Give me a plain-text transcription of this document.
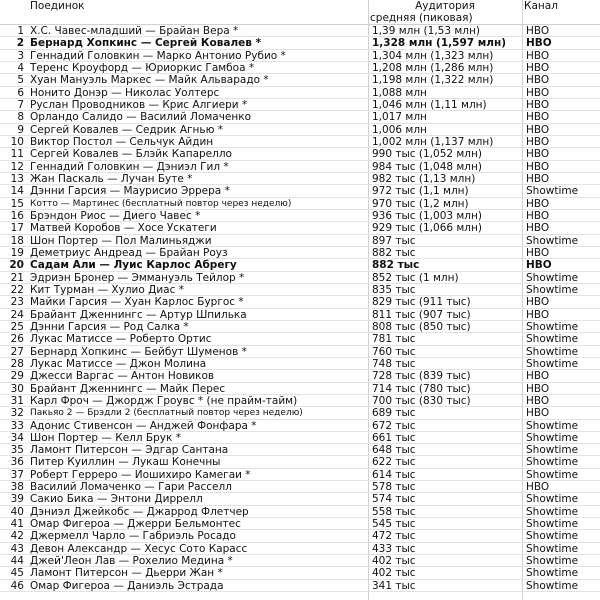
Поединок	Аудитория
средняя (пиковая)
Канал
1 Х.С. Чавес-младший — Брайан Вера *	1,39 млн (1,53 млн)	HBO
2 Бернард Хопкинс — Сергей Ковалев *	1,328 млн (1,597 млн)	HBO
3 Геннадий Головкин — Марко Антонио Рубио *	1,304 млн (1,323 млн)	HBO
4 Теренс Кроуфорд — Юриоркис Гамбоа *	1,208 млн (1,286 млн)	HBO
5 Хуан Мануэль Маркес — Майк Альварадо *	1,198 млн (1,322 млн)	HBO
6 Нонито Донэр — Николас Уолтерс	1,088 млн	HBO
7 Руслан Проводников — Крис Алгиери *	1,046 млн (1,11 млн)	HBO
8 Орландо Салидо — Василий Ломаченко	1,017 млн	HBO
9 Сергей Ковалев — Седрик Агнью *	1,006 млн	HBO
10 Виктор Постол — Сельчук Айдин	1,002 млн (1,137 млн)	HBO
11 Сергей Ковалев — Блэйк Капарелло	990 тыс (1,052 млн)	HBO
12 Геннадий Головкин — Дэниэл Гил *	984 тыс (1,048 млн)	HBO
13 Жан Паскаль — Лучан Буте *	982 тыс (1,13 млн)	HBO
14 Дэнни Гарсия — Маурисио Эррера *	972 тыс (1,1 млн)	Showtime
15 Котто — Мартинес (бесплатный повтор через неделю)	970 тыс (1,2 млн)	HBO
16 Брэндон Риос — Диего Чавес *	936 тыс (1,003 млн)	HBO
17 Матвей Коробов — Хосе Ускатеги	929 тыс (1,066 млн)	HBO
18 Шон Портер — Пол Малиньяджи	897 тыс	Showtime
19 Деметриус Андреад — Брайан Роуз	882 тыс	HBO
20 Садам Али — Луис Карлос Абрегу	882 тыс	HBO
21 Эдриэн Бронер — Эммануэль Тейлор *	852 тыс (1 млн)	Showtime
22 Кит Турман — Хулио Диас *	835 тыс	Showtime
23 Майки Гарсия — Хуан Карлос Бургос *	829 тыс (911 тыс)	HBO
24 Брайант Дженнингс — Артур Шпилька	811 тыс (907 тыс)	HBO
25 Дэнни Гарсия — Род Салка *	808 тыс (850 тыс)	Showtime
26 Лукас Матиссе — Роберто Ортис	781 тыс	Showtime
27 Бернард Хопкинс — Бейбут Шуменов *	760 тыс	Showtime
28 Лукас Матиссе — Джон Молина	748 тыс	Showtime
29 Джесси Варгас — Антон Новиков	728 тыс (839 тыс)	HBO
30 Брайант Дженнингс — Майк Перес	714 тыс (780 тыс)	HBO
31 Карл Фроч — Джордж Гроувс * (не прайм-тайм)	700 тыс (830 тыс)	HBO
32 Пакьяо 2 — Брэдли 2 (бесплатный повтор через неделю)	689 тыс	HBO
33 Адонис Стивенсон — Анджей Фонфара *	672 тыс	Showtime
34 Шон Портер — Келл Брук *	661 тыс	Showtime
35 Ламонт Питерсон — Эдгар Сантана	648 тыс	Showtime
36 Питер Куиллин — Лукаш Конечны	622 тыс	Showtime
37 Роберт Герреро — Йошихиро Камегаи *	614 тыс	Showtime
38 Василий Ломаченко — Гари Расселл	578 тыс	HBO
39 Сакио Бика — Энтони Диррелл	574 тыс	Showtime
40 Дэниэл Джейкобс — Джаррод Флетчер	558 тыс	Showtime
41 Омар Фигероа — Джерри Бельмонтес	545 тыс	Showtime
42 Джермелл Чарло — Габриэль Росадо	472 тыс	Showtime
43 Девон Александр — Хесус Сото Карасс	433 тыс	Showtime
44 Джей'Леон Лав — Рохелио Медина *	402 тыс	Showtime
45 Ламонт Питерсон — Дьерри Жан *	402 тыс	Showtime
46 Омар Фигероа — Даниэль Эстрада	341 тыс	Showtime
